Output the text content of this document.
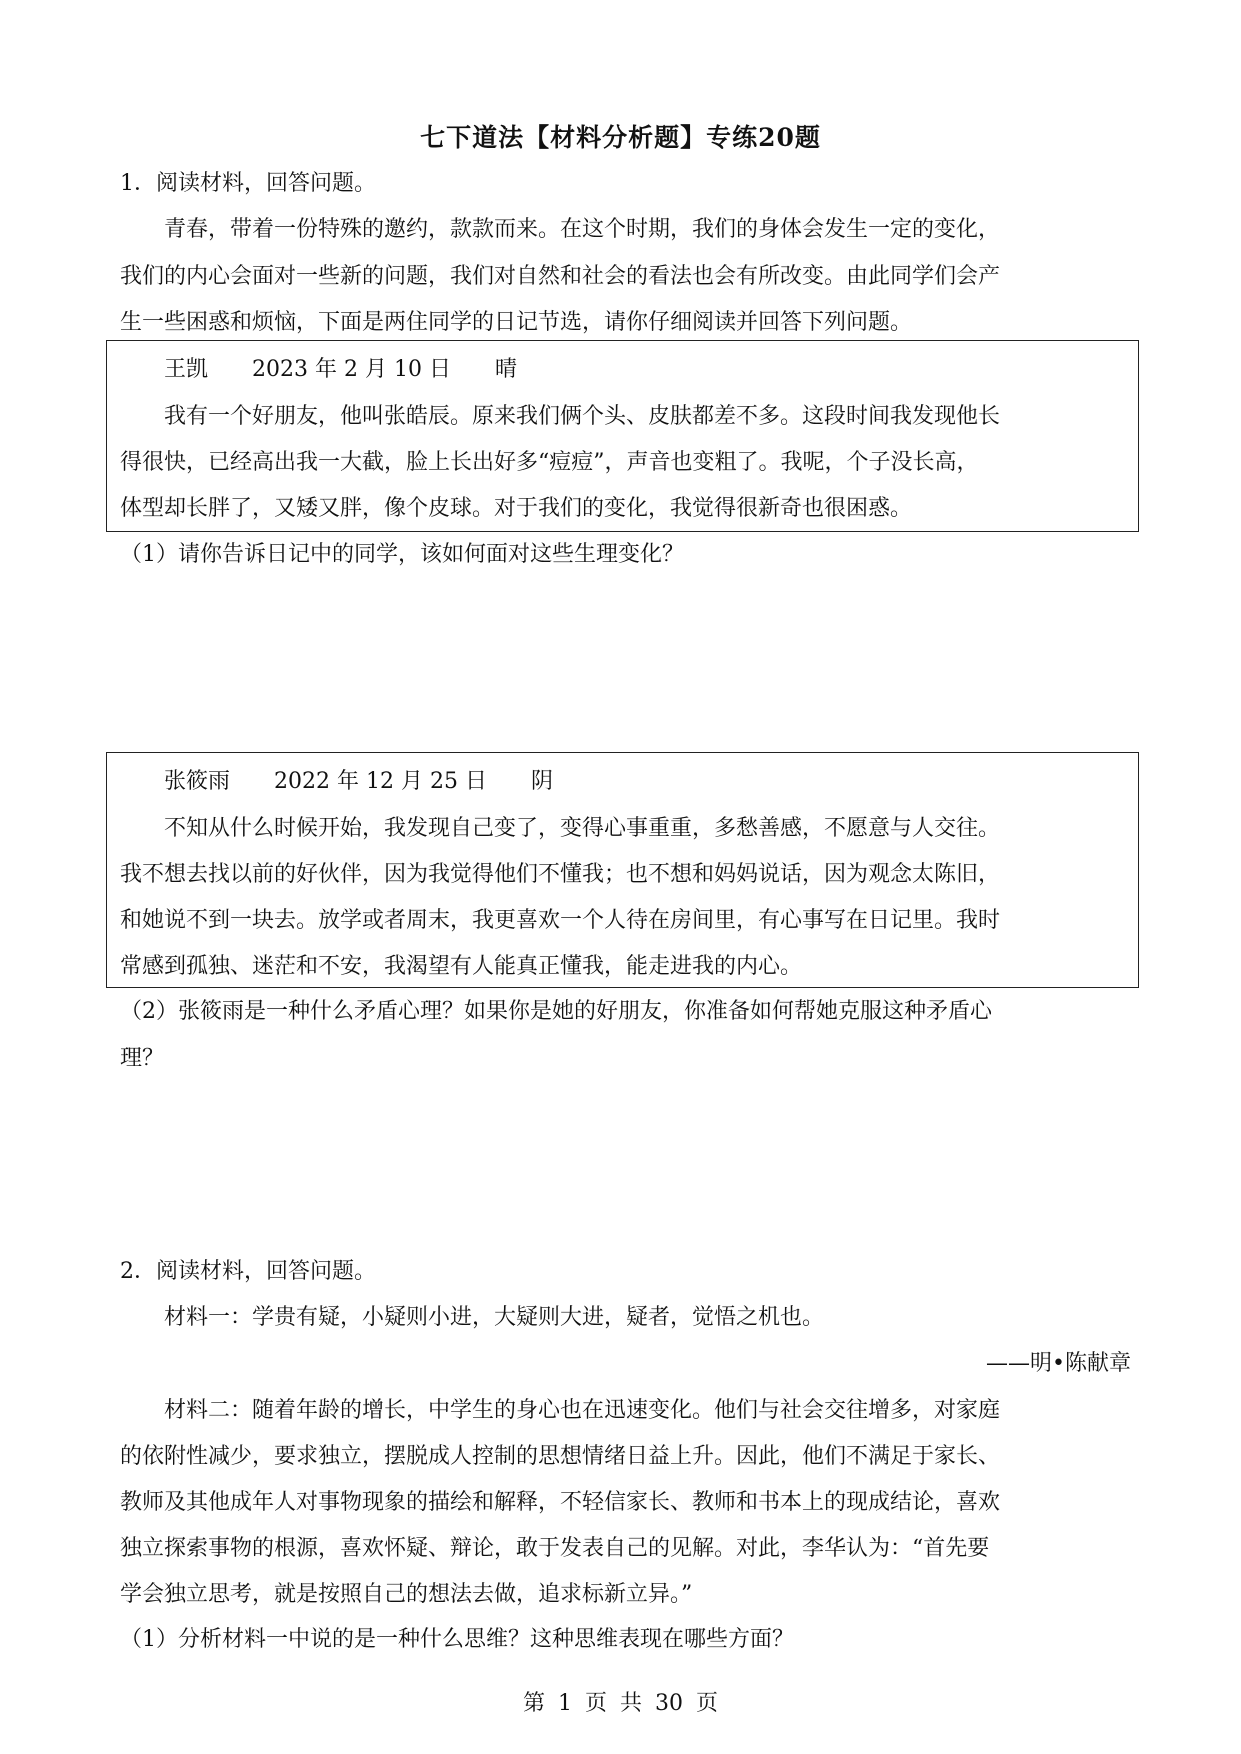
七下道法【材料分析题】专练20题
1．阅读材料，回答问题。
青春，带着一份特殊的邀约，款款而来。在这个时期，我们的身体会发生一定的变化，
我们的内心会面对一些新的问题，我们对自然和社会的看法也会有所改变。由此同学们会产
生一些困惑和烦恼，下面是两住同学的日记节选，请你仔细阅读并回答下列问题。
王凯　　2023 年 2 月 10 日　　晴
我有一个好朋友，他叫张皓辰。原来我们俩个头、皮肤都差不多。这段时间我发现他长
得很快，已经高出我一大截，脸上长出好多“痘痘”，声音也变粗了。我呢，个子没长高，
体型却长胖了，又矮又胖，像个皮球。对于我们的变化，我觉得很新奇也很困惑。
（1）请你告诉日记中的同学，该如何面对这些生理变化？
张筱雨　　2022 年 12 月 25 日　　阴
不知从什么时候开始，我发现自己变了，变得心事重重，多愁善感，不愿意与人交往。
我不想去找以前的好伙伴，因为我觉得他们不懂我；也不想和妈妈说话，因为观念太陈旧，
和她说不到一块去。放学或者周末，我更喜欢一个人待在房间里，有心事写在日记里。我时
常感到孤独、迷茫和不安，我渴望有人能真正懂我，能走进我的内心。
（2）张筱雨是一种什么矛盾心理？如果你是她的好朋友，你准备如何帮她克服这种矛盾心
理？
2．阅读材料，回答问题。
材料一：学贵有疑，小疑则小进，大疑则大进，疑者，觉悟之机也。
——明•陈献章
材料二：随着年龄的增长，中学生的身心也在迅速变化。他们与社会交往增多，对家庭
的依附性减少，要求独立，摆脱成人控制的思想情绪日益上升。因此，他们不满足于家长、
教师及其他成年人对事物现象的描绘和解释，不轻信家长、教师和书本上的现成结论，喜欢
独立探索事物的根源，喜欢怀疑、辩论，敢于发表自己的见解。对此，李华认为：“首先要
学会独立思考，就是按照自己的想法去做，追求标新立异。”
（1）分析材料一中说的是一种什么思维？这种思维表现在哪些方面？
第 1 页 共 30 页
